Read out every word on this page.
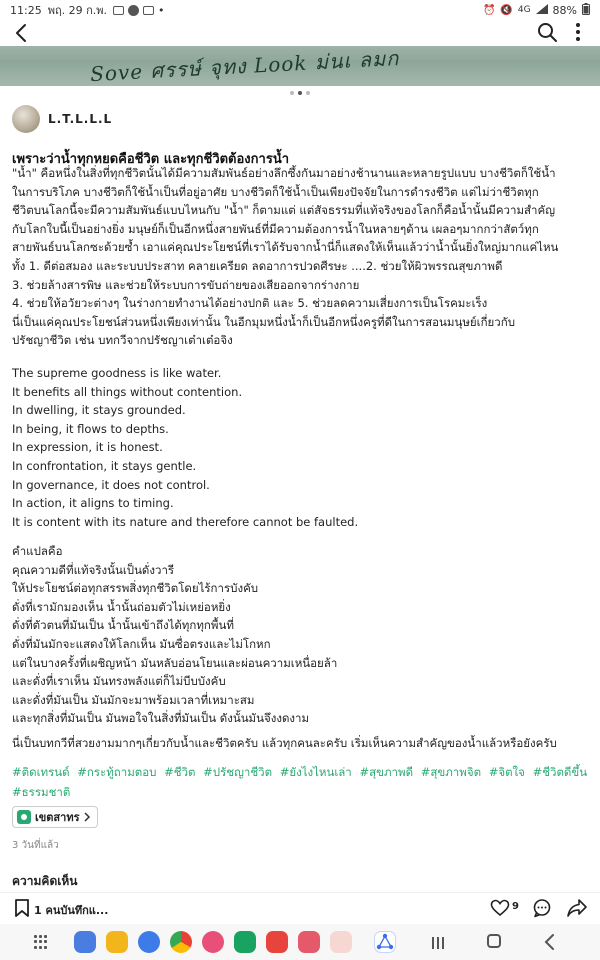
11:25 พฤ. 29 ก.พ.	•	⏰ 🔇 4G 88%
Sove ศรรษ์ จุทง Look ม่นเ ลมก
L.T.L.L.L
เพราะว่าน้ำทุกหยดคือชีวิต และทุกชีวิตต้องการน้ำ
"น้ำ" คือหนึ่งในสิ่งที่ทุกชีวิตนั้นได้มีความสัมพันธ์อย่างลึกซึ้งกันมาอย่างช้านานและหลายรูปแบบ บางชีวิตก็ใช้น้ำ
ในการบริโภค บางชีวิตก็ใช้น้ำเป็นที่อยู่อาศัย บางชีวิตก็ใช้น้ำเป็นเพียงปัจจัยในการดำรงชีวิต แต่ไม่ว่าชีวิตทุก
ชีวิตบนโลกนี้จะมีความสัมพันธ์แบบไหนกับ "น้ำ" ก็ตามแต่ แต่สัจธรรมที่แท้จริงของโลกก็คือน้ำนั้นมีความสำคัญ
กับโลกใบนี้เป็นอย่างยิ่ง มนุษย์ก็เป็นอีกหนึ่งสายพันธ์ที่มีความต้องการน้ำในหลายๆด้าน เผลอๆมากกว่าสัตว์ทุก
สายพันธ์บนโลกซะด้วยซ้ำ เอาแค่คุณประโยชน์ที่เราได้รับจากน้ำนี่ก็แสดงให้เห็นแล้วว่าน้ำนั้นยิ่งใหญ่มากแค่ไหน
ทั้ง 1. ดีต่อสมอง และระบบประสาท คลายเครียด ลดอาการปวดศีรษะ ....2. ช่วยให้ผิวพรรณสุขภาพดี
3. ช่วยล้างสารพิษ และช่วยให้ระบบการขับถ่ายของเสียออกจากร่างกาย
4. ช่วยให้อวัยวะต่างๆ ในร่างกายทำงานได้อย่างปกติ และ 5. ช่วยลดความเสี่ยงการเป็นโรคมะเร็ง
นี่เป็นแค่คุณประโยชน์ส่วนหนึ่งเพียงเท่านั้น ในอีกมุมหนึ่งน้ำก็เป็นอีกหนึ่งครูที่ดีในการสอนมนุษย์เกี่ยวกับ
ปรัชญาชีวิต เช่น บทกวีจากปรัชญาเต๋าเต๋อจิง
The supreme goodness is like water.
It benefits all things without contention.
In dwelling, it stays grounded.
In being, it flows to depths.
In expression, it is honest.
In confrontation, it stays gentle.
In governance, it does not control.
In action, it aligns to timing.
It is content with its nature and therefore cannot be faulted.
คำแปลคือ
คุณความดีที่แท้จริงนั้นเป็นดั่งวารี
ให้ประโยชน์ต่อทุกสรรพสิ่งทุกชีวิตโดยไร้การบังคับ
ดั่งที่เรามักมองเห็น น้ำนั้นถ่อมตัวไม่เหย่อหยิ่ง
ดั่งที่ตัวตนที่มันเป็น น้ำนั้นเข้าถึงได้ทุกทุกพื้นที่
ดั่งที่มันมักจะแสดงให้โลกเห็น มันซื่อตรงและไม่โกหก
แต่ในบางครั้งที่เผชิญหน้า มันหลับอ่อนโยนและผ่อนความเหนื่อยล้า
และดั่งที่เราเห็น มันทรงพลังแต่ก็ไม่บีบบังคับ
และดั่งที่มันเป็น มันมักจะมาพร้อมเวลาที่เหมาะสม
และทุกสิ่งที่มันเป็น มันพอใจในสิ่งที่มันเป็น ดังนั้นมันจึงงดงาม
นี่เป็นบทกวีที่สวยงามมากๆเกี่ยวกับน้ำและชีวิตครับ แล้วทุกคนละครับ เริ่มเห็นความสำคัญของน้ำแล้วหรือยังครับ
#ติดเทรนด์ #กระทู้ถามตอบ #ชีวิต #ปรัชญาชีวิต #ยังไงไหนเล่า #สุขภาพดี #สุขภาพจิต #จิตใจ #ชีวิตดีขึ้น
#ธรรมชาติ
เขตสาทร
3 วันที่แล้ว
ความคิดเห็น
1 คนบันทึกแ...	9
